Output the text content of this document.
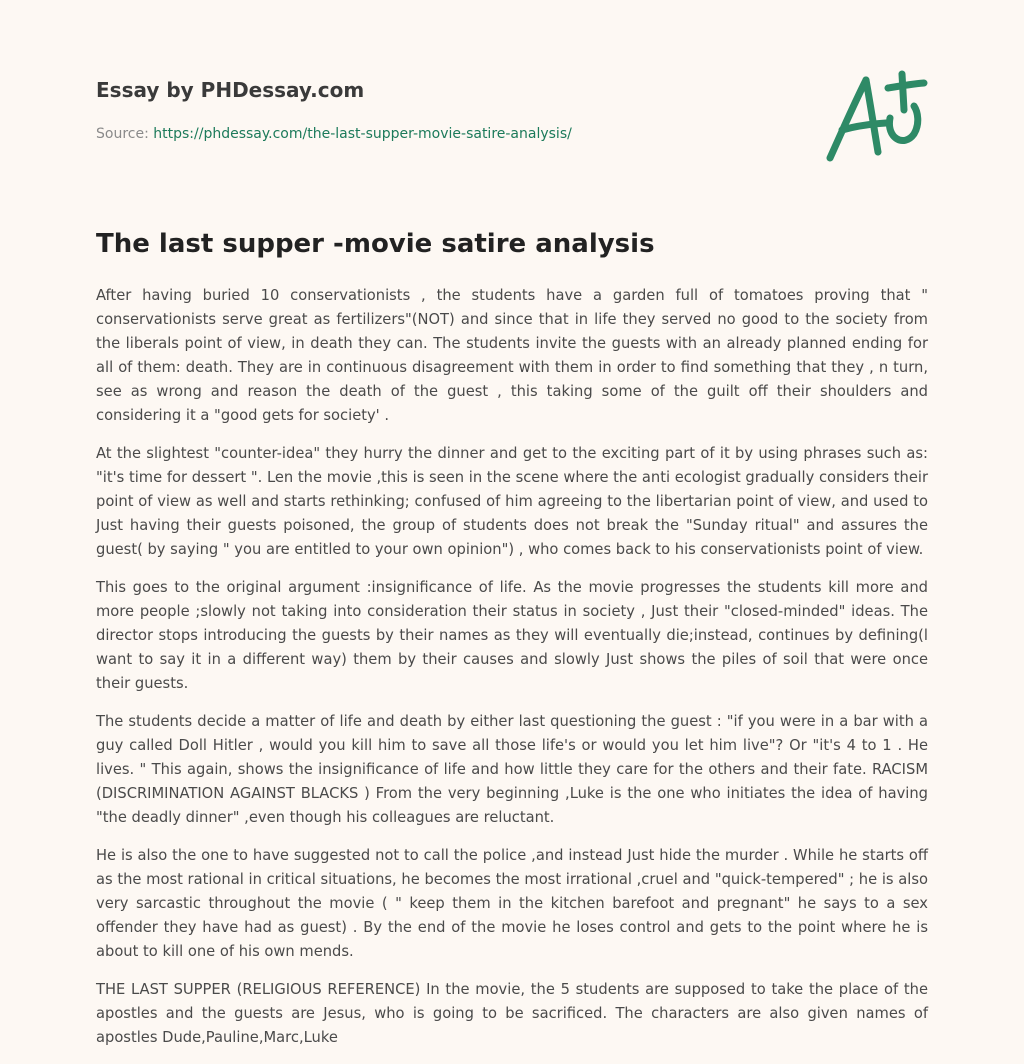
Essay by PHDessay.com
Source: https://phdessay.com/the-last-supper-movie-satire-analysis/
The last supper -movie satire analysis

After having buried 10 conservationists , the students have a garden full of tomatoes proving that " conservationists serve great as fertilizers"(NOT) and since that in life they served no good to the society from the liberals point of view, in death they can. The students invite the guests with an already planned ending for all of them: death. They are in continuous disagreement with them in order to find something that they , n turn, see as wrong and reason the death of the guest , this taking some of the guilt off their shoulders and considering it a "good gets for society' .

At the slightest "counter-idea" they hurry the dinner and get to the exciting part of it by using phrases such as: "it's time for dessert ". Len the movie ,this is seen in the scene where the anti ecologist gradually considers their point of view as well and starts rethinking; confused of him agreeing to the libertarian point of view, and used to Just having their guests poisoned, the group of students does not break the "Sunday ritual" and assures the guest( by saying " you are entitled to your own opinion") , who comes back to his conservationists point of view.

This goes to the original argument :insignificance of life. As the movie progresses the students kill more and more people ;slowly not taking into consideration their status in society , Just their "closed-minded" ideas. The director stops introducing the guests by their names as they will eventually die;instead, continues by defining(l want to say it in a different way) them by their causes and slowly Just shows the piles of soil that were once their guests.

The students decide a matter of life and death by either last questioning the guest : "if you were in a bar with a guy called Doll Hitler , would you kill him to save all those life's or would you let him live"? Or "it's 4 to 1 . He lives. " This again, shows the insignificance of life and how little they care for the others and their fate. RACISM (DISCRIMINATION AGAINST BLACKS ) From the very beginning ,Luke is the one who initiates the idea of having "the deadly dinner" ,even though his colleagues are reluctant.

He is also the one to have suggested not to call the police ,and instead Just hide the murder . While he starts off as the most rational in critical situations, he becomes the most irrational ,cruel and "quick-tempered" ; he is also very sarcastic throughout the movie ( " keep them in the kitchen barefoot and pregnant" he says to a sex offender they have had as guest) . By the end of the movie he loses control and gets to the point where he is about to kill one of his own mends.

THE LAST SUPPER (RELIGIOUS REFERENCE) In the movie, the 5 students are supposed to take the place of the apostles and the guests are Jesus, who is going to be sacrificed. The characters are also given names of apostles Dude,Pauline,Marc,Luke
